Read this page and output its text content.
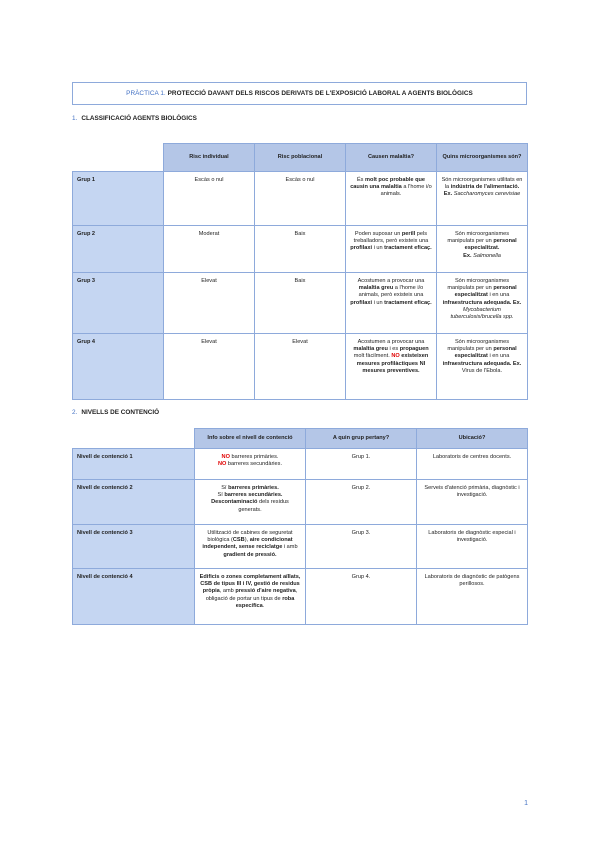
PRÀCTICA 1.
PROTECCIÓ DAVANT DELS RISCOS DERIVATS DE L'EXPOSICIÓ LABORAL A AGENTS BIOLÒGICS
1. CLASSIFICACIÓ AGENTS BIOLÒGICS
	Risc individual	Risc poblacional	Causen malaltia?	Quins microorganismes són?
Grup 1	Escàs o nul	Escàs o nul	És molt poc probable que causin una malaltia a l'home i/o animals.	Són microorganismes utilitats en la indústria de l'alimentació.
Ex. Saccharomyces cerevisiae
Grup 2	Moderat	Baix	Poden suposar un perill pels treballadors, però existeix una profilaxi i un tractament eficaç.	Són microorganismes manipulats per un personal especialitzat.
Ex. Salmonella
Grup 3	Elevat	Baix	Acostumen a provocar una malaltia greu a l'home i/o animals, però existeix una profilaxi i un tractament eficaç.	Són microorganismes manipulats per un personal especialitzat i en una infraestructura adequada. Ex. Mycobacterium tuberculosis/brucella spp.
Grup 4	Elevat	Elevat	Acostumen a provocar una malaltia greu i es propaguen molt fàcilment. NO existeixen mesures profilàctiques NI mesures preventives.	Són microorganismes manipulats per un personal especialitzat i en una infraestructura adequada. Ex. Virus de l'Ebola.
2. NIVELLS DE CONTENCIÓ
	Info sobre el nivell de contenció	A quin grup pertany?	Ubicació?
Nivell de contenció 1	NO barreres primàries.
NO barreres secundàries.	Grup 1.	Laboratoris de centres docents.
Nivell de contenció 2	Sí barreres primàries.
Sí barreres secundàries.
Descontaminació dels residus generats.	Grup 2.	Serveis d'atenció primària, diagnòstic i investigació.
Nivell de contenció 3	Utilització de cabines de seguretat biològica (CSB), aire condicionat independent, sense reciclatge i amb gradient de pressió.	Grup 3.	Laboratoris de diagnòstic especial i investigació.
Nivell de contenció 4	Edificis o zones completament aïllats, CSB de tipus III i IV, gestió de residus pròpia, amb pressió d'aire negativa, obligació de portar un tipus de roba específica.	Grup 4.	Laboratoris de diagnòstic de patògens perillosos.
1
